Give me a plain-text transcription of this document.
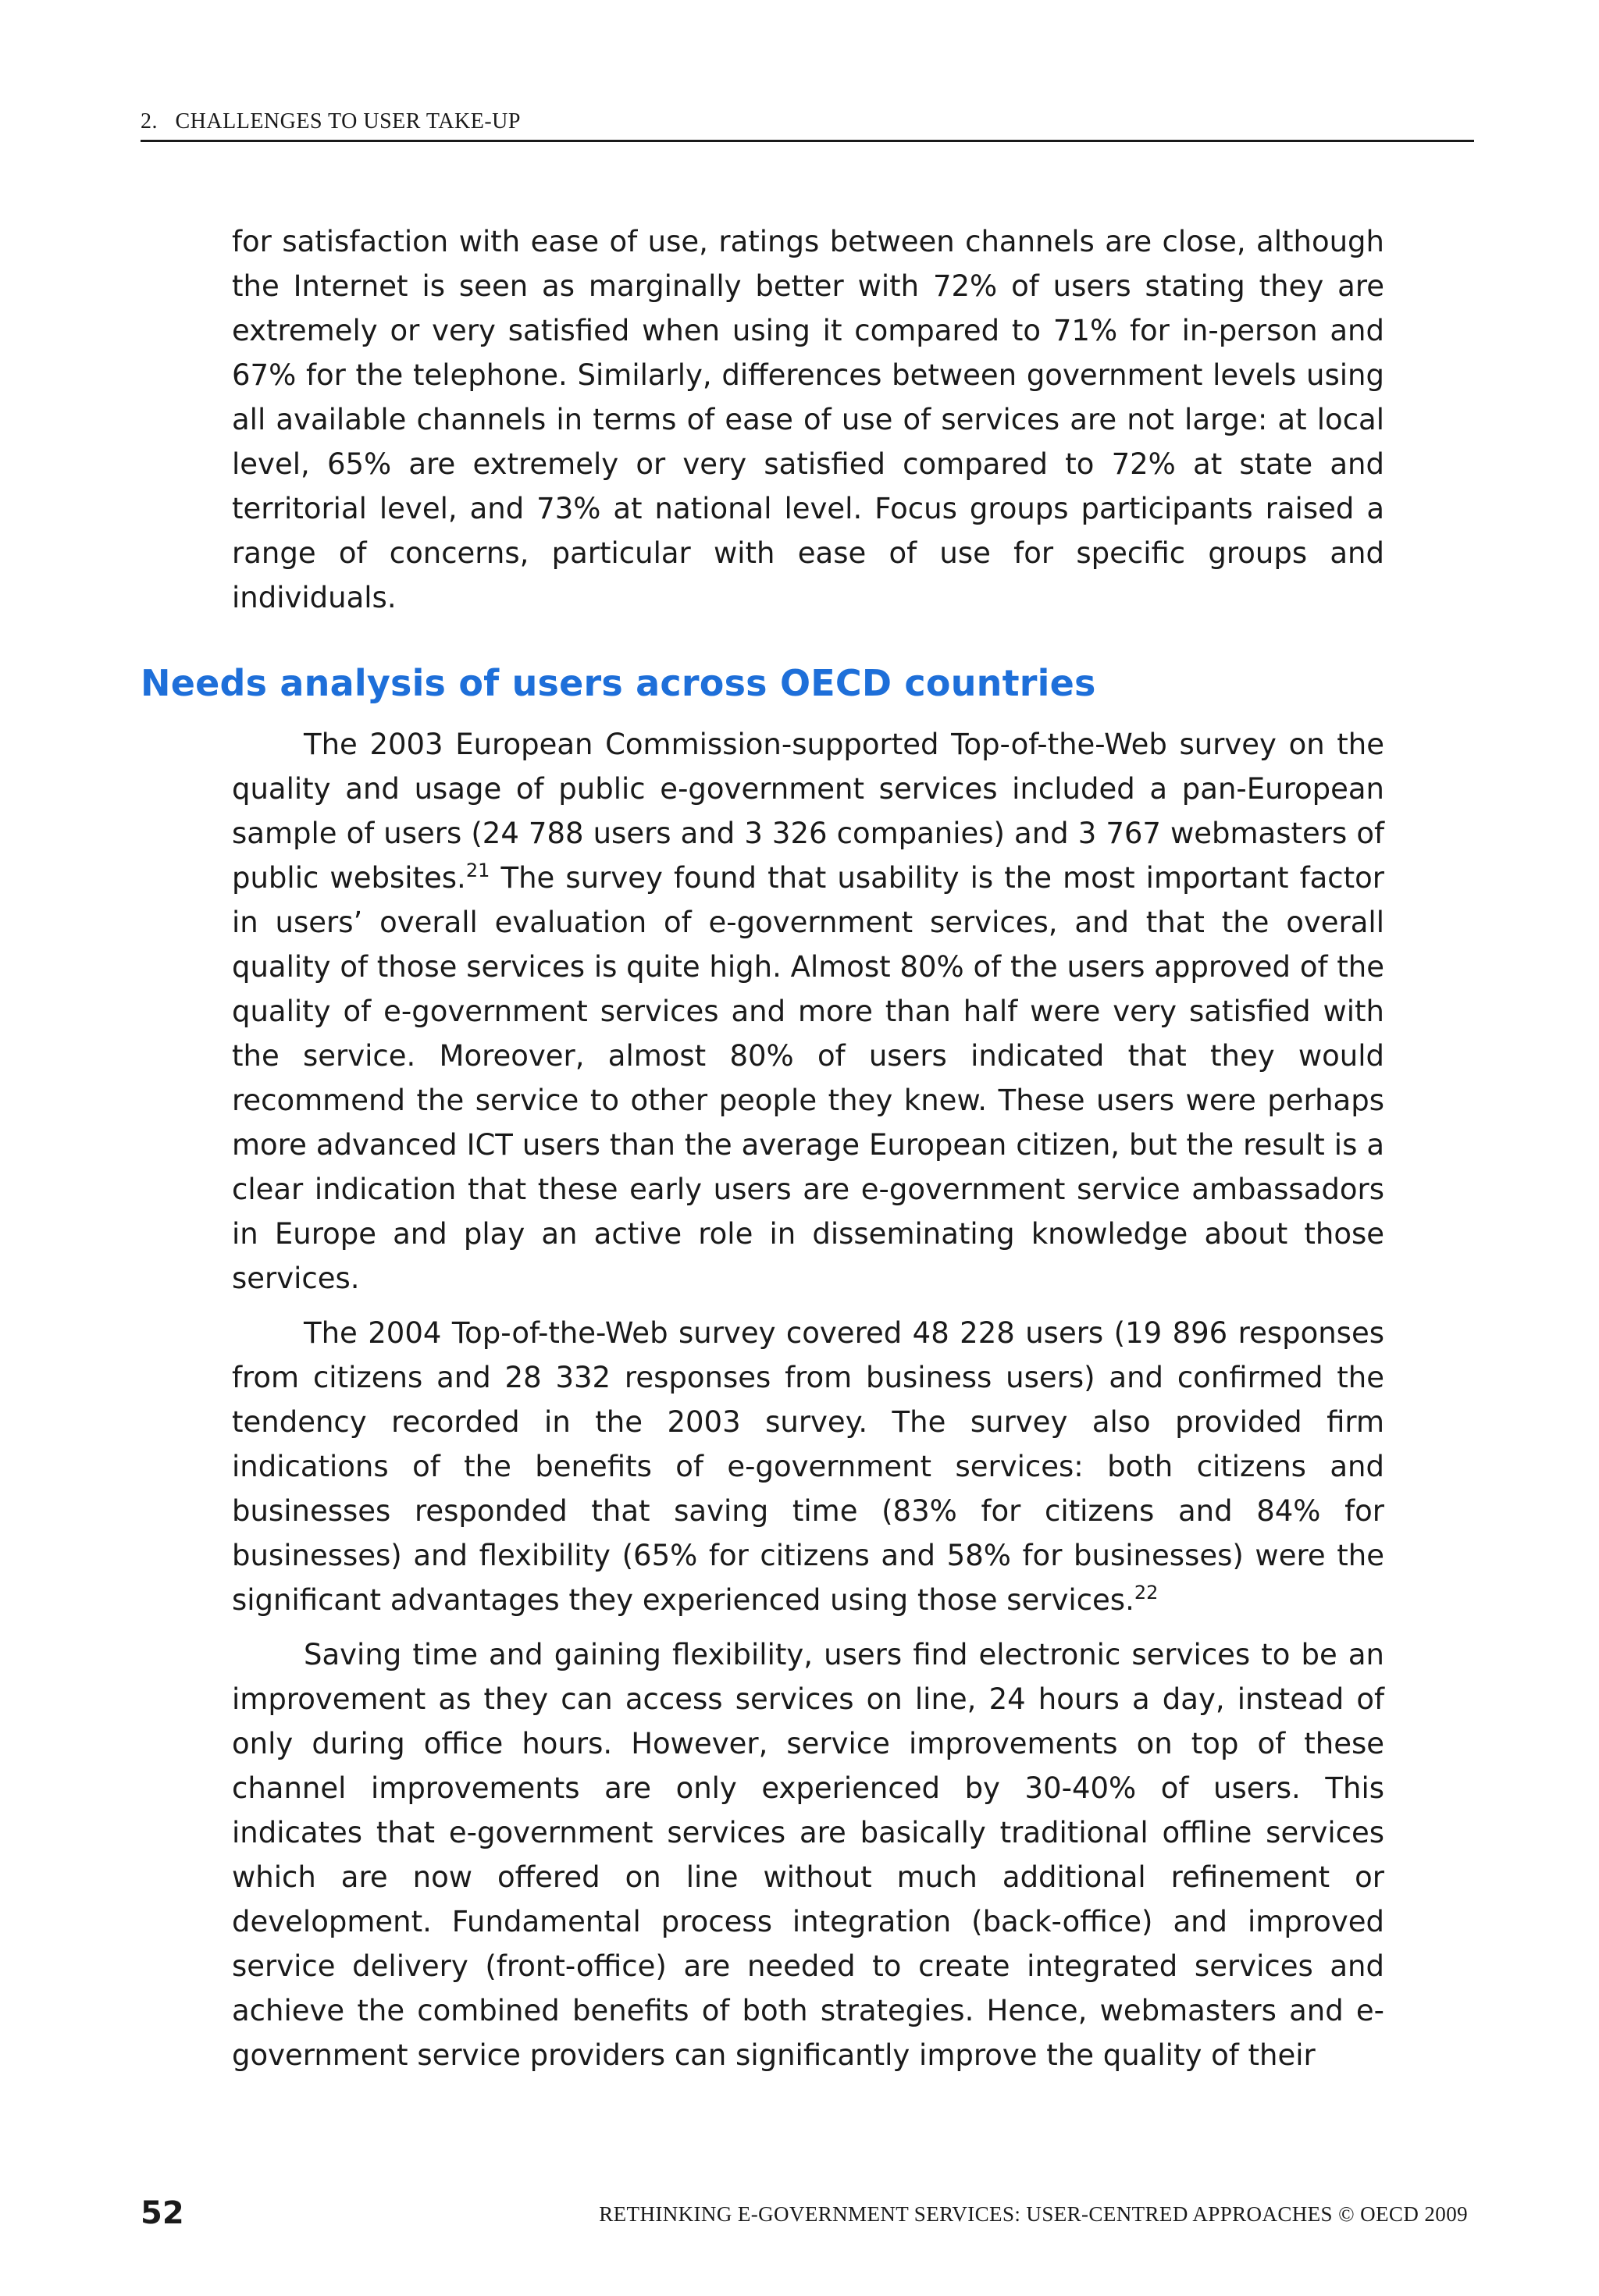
2.   CHALLENGES TO USER TAKE-UP

for satisfaction with ease of use, ratings between channels are close, although the Internet is seen as marginally better with 72% of users stating they are extremely or very satisfied when using it compared to 71% for in-person and 67% for the telephone. Similarly, differences between government levels using all available channels in terms of ease of use of services are not large: at local level, 65% are extremely or very satisfied compared to 72% at state and territorial level, and 73% at national level. Focus groups participants raised a range of concerns, particular with ease of use for specific groups and individuals.

Needs analysis of users across OECD countries

The 2003 European Commission-supported Top-of-the-Web survey on the quality and usage of public e-government services included a pan-European sample of users (24 788 users and 3 326 companies) and 3 767 webmasters of public websites.$^{21}$ The survey found that usability is the most important factor in users’ overall evaluation of e-government services, and that the overall quality of those services is quite high. Almost 80% of the users approved of the quality of e-government services and more than half were very satisfied with the service. Moreover, almost 80% of users indicated that they would recommend the service to other people they knew. These users were perhaps more advanced ICT users than the average European citizen, but the result is a clear indication that these early users are e-government service ambassadors in Europe and play an active role in disseminating knowledge about those services.

The 2004 Top-of-the-Web survey covered 48 228 users (19 896 responses from citizens and 28 332 responses from business users) and confirmed the tendency recorded in the 2003 survey. The survey also provided firm indications of the benefits of e-government services: both citizens and businesses responded that saving time (83% for citizens and 84% for businesses) and flexibility (65% for citizens and 58% for businesses) were the significant advantages they experienced using those services.$^{22}$

Saving time and gaining flexibility, users find electronic services to be an improvement as they can access services on line, 24 hours a day, instead of only during office hours. However, service improvements on top of these channel improvements are only experienced by 30-40% of users. This indicates that e-government services are basically traditional offline services which are now offered on line without much additional refinement or development. Fundamental process integration (back-office) and improved service delivery (front-office) are needed to create integrated services and achieve the combined benefits of both strategies. Hence, webmasters and e-government service providers can significantly improve the quality of their

52	RETHINKING E-GOVERNMENT SERVICES: USER-CENTRED APPROACHES © OECD 2009
